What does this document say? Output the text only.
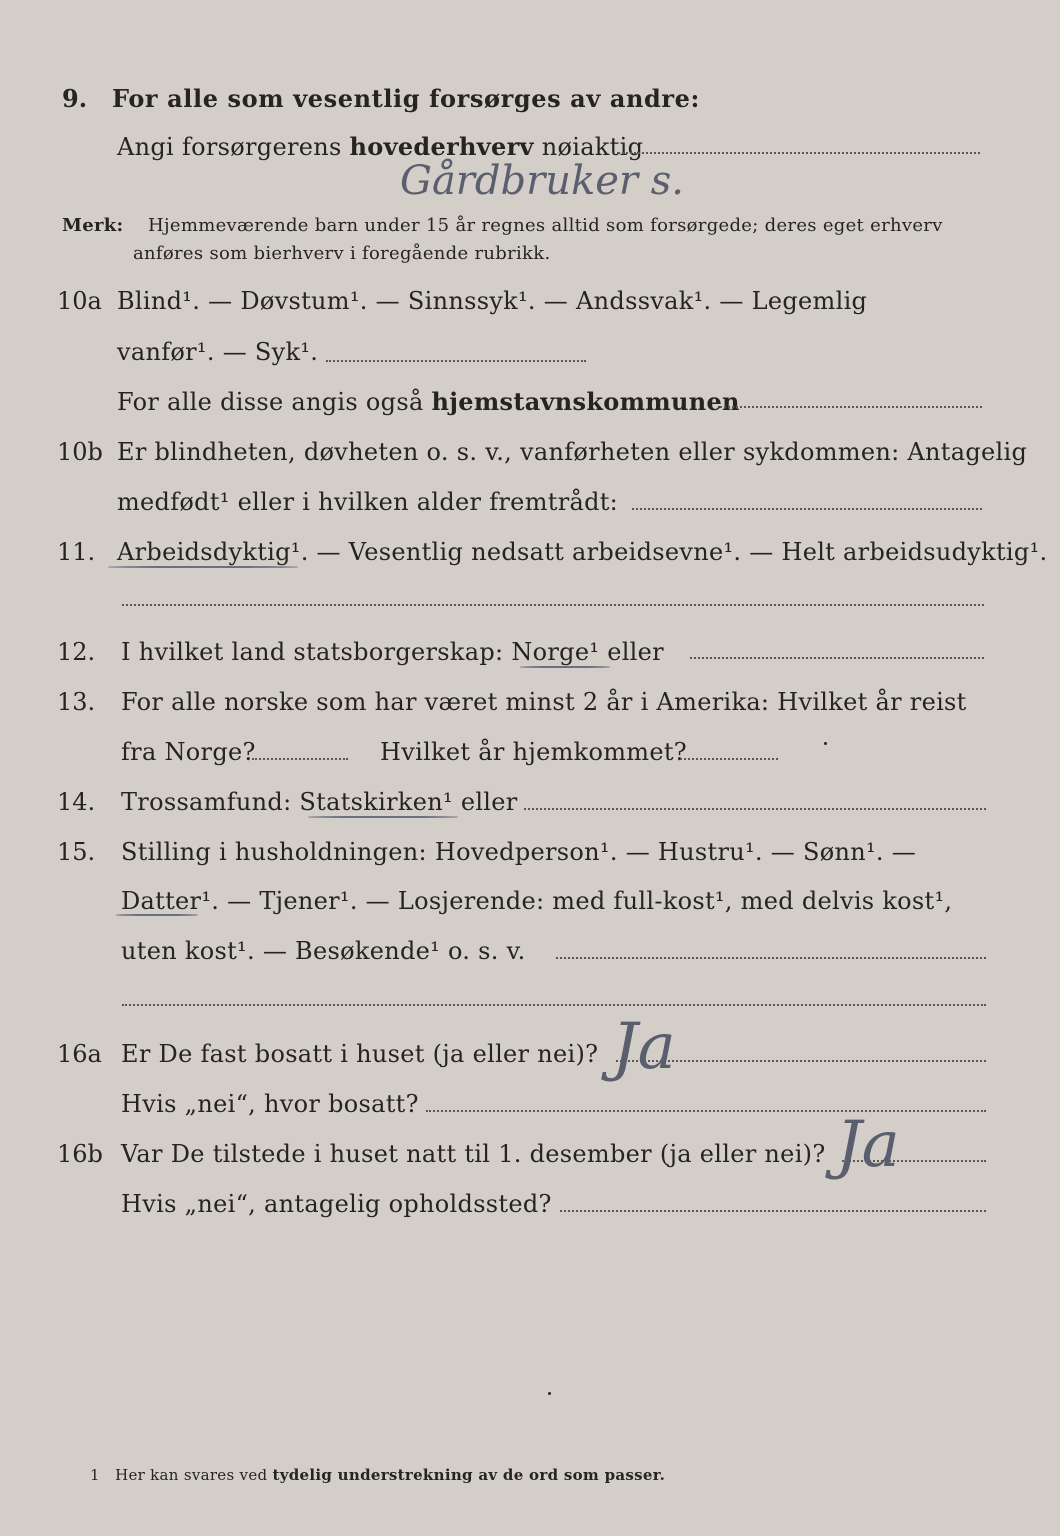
9. For alle som vesentlig forsørges av andre:
Angi forsørgerens hovederhverv nøiaktig
Gårdbruker s.
Merk: Hjemmeværende barn under 15 år regnes alltid som forsørgede; deres eget erhverv
anføres som bierhverv i foregående rubrikk.
10a Blind¹. — Døvstum¹. — Sinnssyk¹. — Andssvak¹. — Legemlig
vanfør¹. — Syk¹.
For alle disse angis også hjemstavnskommunen
10b Er blindheten, døvheten o. s. v., vanførheten eller sykdommen: Antagelig
medfødt¹ eller i hvilken alder fremtrådt:
11. Arbeidsdyktig¹. — Vesentlig nedsatt arbeidsevne¹. — Helt arbeidsudyktig¹.
12. I hvilket land statsborgerskap: Norge¹ eller
13. For alle norske som har været minst 2 år i Amerika: Hvilket år reist
fra Norge?	Hvilket år hjemkommet?
14. Trossamfund: Statskirken¹ eller
15. Stilling i husholdningen: Hovedperson¹. — Hustru¹. — Sønn¹. —
Datter¹. — Tjener¹. — Losjerende: med full-kost¹, med delvis kost¹,
uten kost¹. — Besøkende¹ o. s. v.
16a Er De fast bosatt i huset (ja eller nei)? Ja
Hvis „nei“, hvor bosatt?
16b Var De tilstede i huset natt til 1. desember (ja eller nei)? Ja
Hvis „nei“, antagelig opholdssted?
1 Her kan svares ved tydelig understrekning av de ord som passer.
